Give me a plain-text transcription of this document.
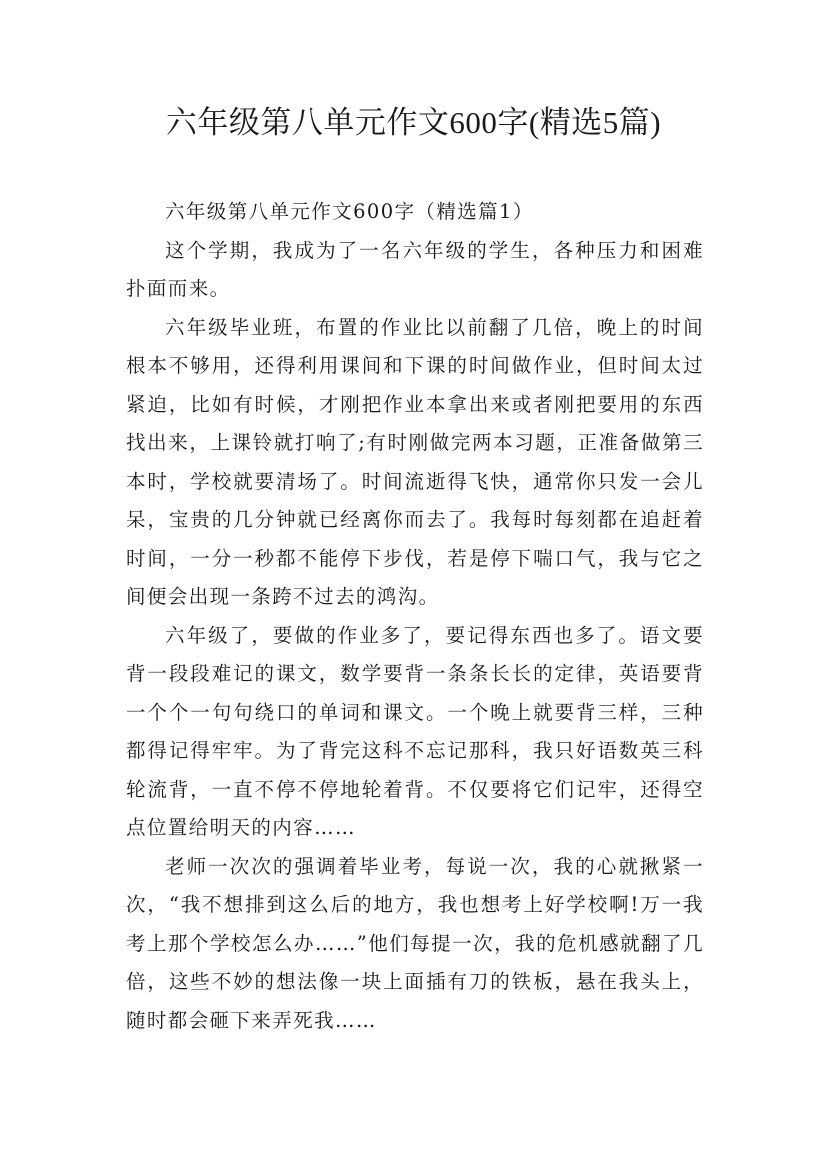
六年级第八单元作文600字(精选5篇)

六年级第八单元作文600字（精选篇1）

这个学期，我成为了一名六年级的学生，各种压力和困难扑面而来。

六年级毕业班，布置的作业比以前翻了几倍，晚上的时间根本不够用，还得利用课间和下课的时间做作业，但时间太过紧迫，比如有时候，才刚把作业本拿出来或者刚把要用的东西找出来，上课铃就打响了;有时刚做完两本习题，正准备做第三本时，学校就要清场了。时间流逝得飞快，通常你只发一会儿呆，宝贵的几分钟就已经离你而去了。我每时每刻都在追赶着时间，一分一秒都不能停下步伐，若是停下喘口气，我与它之间便会出现一条跨不过去的鸿沟。

六年级了，要做的作业多了，要记得东西也多了。语文要背一段段难记的课文，数学要背一条条长长的定律，英语要背一个个一句句绕口的单词和课文。一个晚上就要背三样，三种都得记得牢牢。为了背完这科不忘记那科，我只好语数英三科轮流背，一直不停不停地轮着背。不仅要将它们记牢，还得空点位置给明天的内容……

老师一次次的强调着毕业考，每说一次，我的心就揪紧一次，“我不想排到这么后的地方，我也想考上好学校啊!万一我考上那个学校怎么办……”他们每提一次，我的危机感就翻了几倍，这些不妙的想法像一块上面插有刀的铁板，悬在我头上，随时都会砸下来弄死我……
